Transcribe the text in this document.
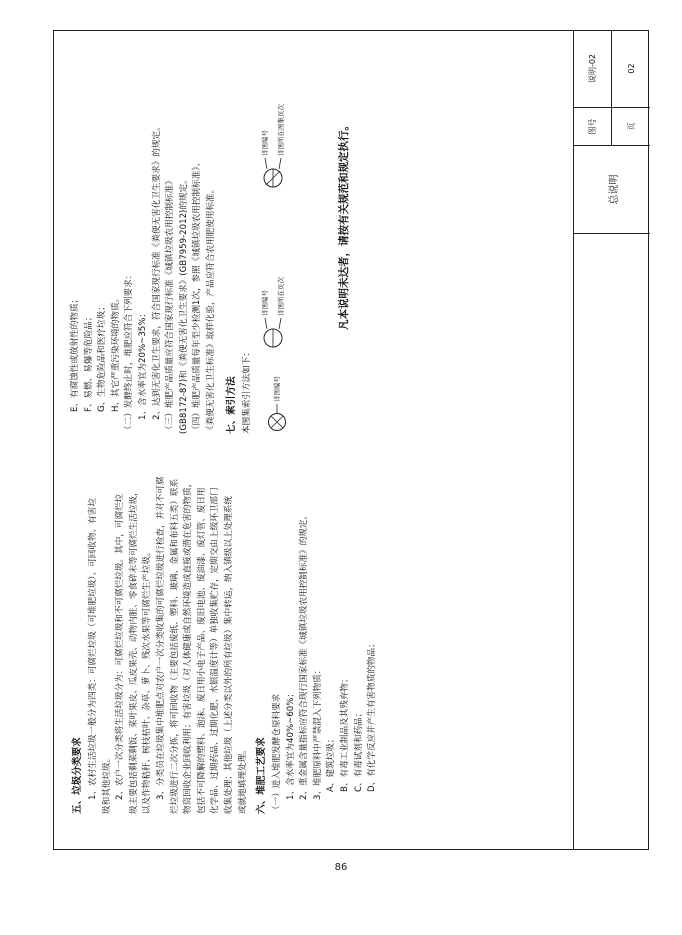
五、垃圾分类要求 1、农村生活垃圾一般分为四类：可腐烂垃圾（可堆肥垃圾）、可回收物、有害垃 圾和其他垃圾。 2、农户一次分类将生活垃圾分为：可腐烂垃圾和不可腐烂垃圾。其中，可腐烂垃 圾主要包括剩菜剩饭、菜叶果皮、瓜皮果壳、动物内脏、零食碎末等可腐烂生活垃圾， 以及作物秸秆、树枝枯叶、杂草、萝卜、残次水果等可腐烂生产垃圾。 3、分类员在垃圾集中堆肥点对农户一次分类收集的可腐烂垃圾进行检查，并对不可腐 烂垃圾进行二次分拣，将可回收物（主要包括废纸、塑料、玻璃、金属和布料五类）联系 物资回收企业回收利用；有害垃圾（对人体健康或自然环境造成直接或潜在危害的物质， 包括不可降解的塑料、泡沫、废日用小电子产品、废旧电池、废油漆、废灯管、废日用 化学品、过期药品、过期化肥、水银温度计等）单独收集贮存，定期交由上级环卫部门 收集处理；其他垃圾（上述分类以外的所有垃圾）集中转运，纳入镇级以上处理系统 或就地填埋处理。 六、堆肥工艺要求 （一）进入堆肥发酵仓原料要求 1、含水率宜为40%~60%； 2、重金属含量指标应符合现行国家标准《城镇垃圾农用控制标准》的规定。 3、堆肥原料中严禁混入下列物质： A、建筑垃圾； B、有毒工业制品及其残弃物； C、有毒试剂和药品； D、有化学反应并产生有害物质的物品；
E、有腐蚀性或放射性的物质； F、易燃、易爆等危险品； G、生物危险品和医疗垃圾； H、其它严重污染环境的物质。 （二）发酵终止时，堆肥应符合下列要求： 1、含水率宜为20%~35%； 2、达到无害化卫生要求，符合国家现行标准《粪便无害化卫生要求》的规定。 （三）堆肥产品质量应符合国家现行标准《城镇垃圾农用控制标准》 (GB8172-87)和《粪便无害化卫生要求》(GB7959-2012)的规定。 （四）堆肥产品质量每年至少检测1次，参照《城镇垃圾农用控制标准》、 《粪便无害化卫生标准》取样化验，产品应符合农用肥使用标准。	七、索引方法 本图集索引方法如下：	详图编号
详图编号 详图所在页次
详图编号 详图所在图集页次	凡本说明未达者，请按有关规范和规定执行。	总说明
图号
说明-02
页
02
86
